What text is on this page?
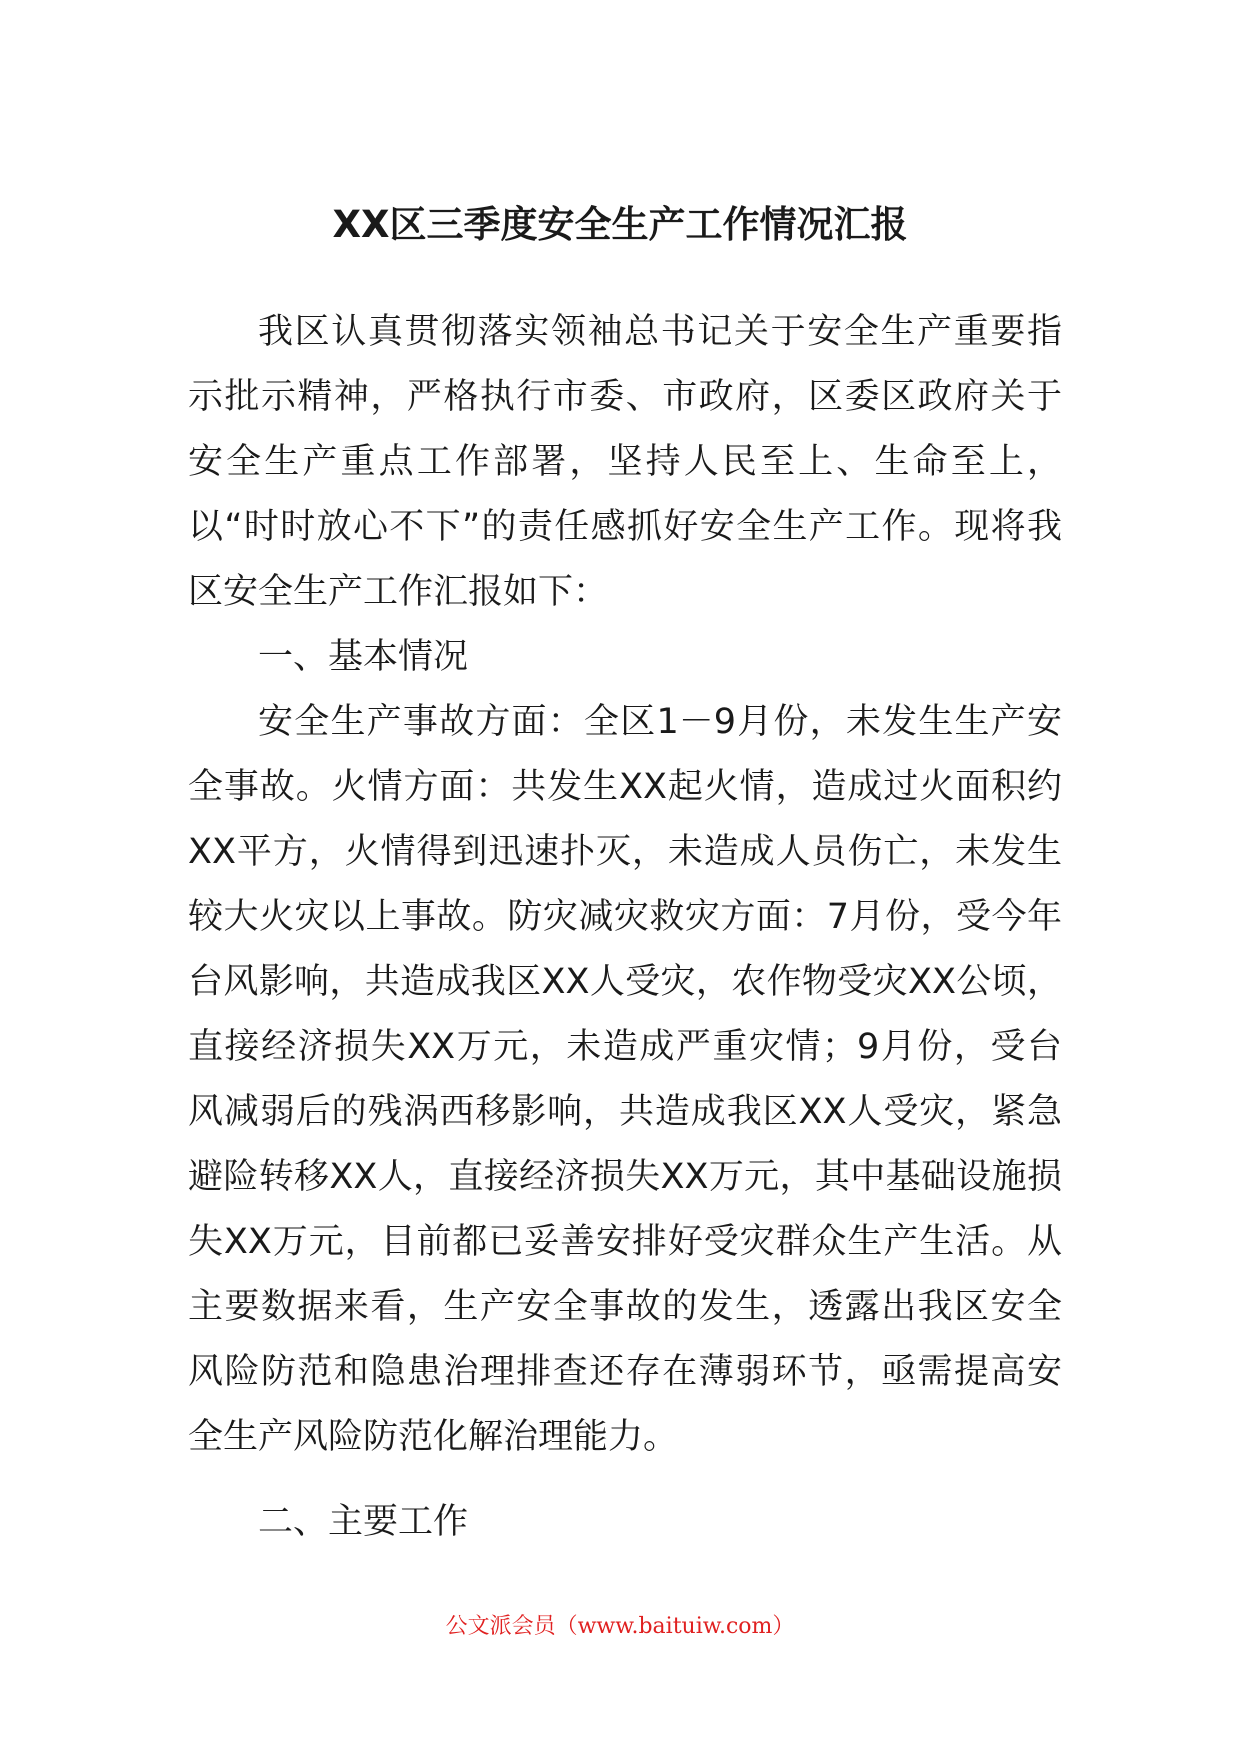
XX区三季度安全生产工作情况汇报

我区认真贯彻落实领袖总书记关于安全生产重要指示批示精神，严格执行市委、市政府，区委区政府关于安全生产重点工作部署，坚持人民至上、生命至上，以“时时放心不下”的责任感抓好安全生产工作。现将我区安全生产工作汇报如下：

一、基本情况

安全生产事故方面：全区1－9月份，未发生生产安全事故。火情方面：共发生XX起火情，造成过火面积约XX平方，火情得到迅速扑灭，未造成人员伤亡，未发生较大火灾以上事故。防灾减灾救灾方面：7月份，受今年台风影响，共造成我区XX人受灾，农作物受灾XX公顷，直接经济损失XX万元，未造成严重灾情；9月份，受台风减弱后的残涡西移影响，共造成我区XX人受灾，紧急避险转移XX人，直接经济损失XX万元，其中基础设施损失XX万元，目前都已妥善安排好受灾群众生产生活。从主要数据来看，生产安全事故的发生，透露出我区安全风险防范和隐患治理排查还存在薄弱环节，亟需提高安全生产风险防范化解治理能力。

二、主要工作

公文派会员（www.baituiw.com）
